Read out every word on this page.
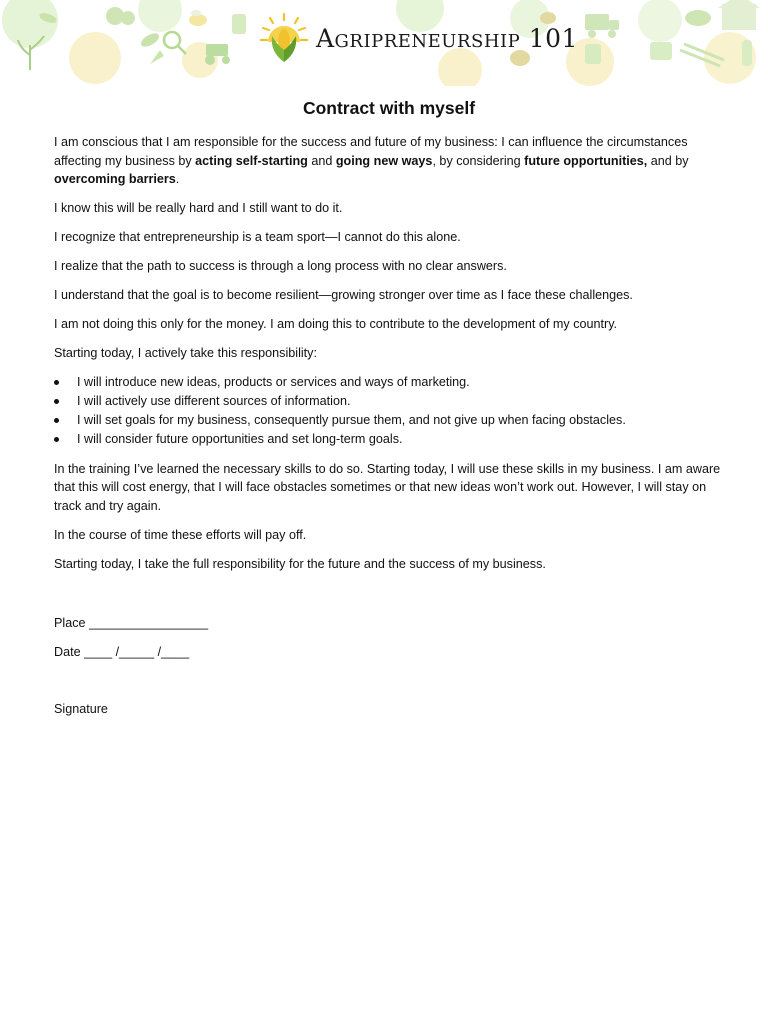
Agripreneurship 101
Contract with myself

I am conscious that I am responsible for the success and future of my business: I can influence the circumstances affecting my business by acting self-starting and going new ways, by considering future opportunities, and by overcoming barriers.

I know this will be really hard and I still want to do it.

I recognize that entrepreneurship is a team sport—I cannot do this alone.

I realize that the path to success is through a long process with no clear answers.

I understand that the goal is to become resilient—growing stronger over time as I face these challenges.

I am not doing this only for the money. I am doing this to contribute to the development of my country.

Starting today, I actively take this responsibility:

I will introduce new ideas, products or services and ways of marketing.
I will actively use different sources of information.
I will set goals for my business, consequently pursue them, and not give up when facing obstacles.
I will consider future opportunities and set long-term goals.

In the training I’ve learned the necessary skills to do so. Starting today, I will use these skills in my business. I am aware that this will cost energy, that I will face obstacles sometimes or that new ideas won’t work out. However, I will stay on track and try again.

In the course of time these efforts will pay off.

Starting today, I take the full responsibility for the future and the success of my business.

Place _________________

Date ____ /_____ /____

Signature
